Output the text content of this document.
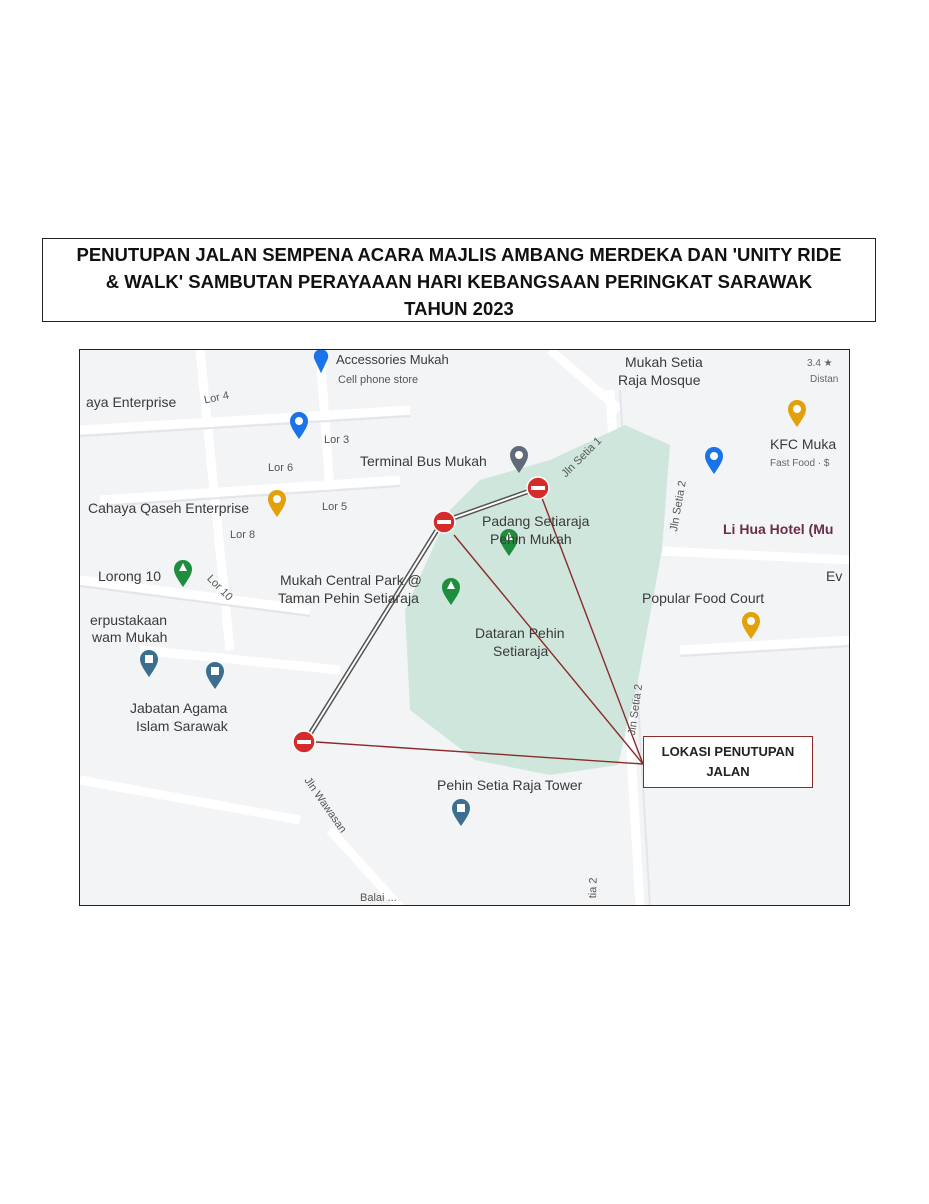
PENUTUPAN JALAN SEMPENA ACARA MAJLIS AMBANG MERDEKA DAN 'UNITY RIDE
& WALK' SAMBUTAN PERAYAAAN HARI KEBANGSAAN PERINGKAT SARAWAK
TAHUN 2023
Accessories Mukah
Cell phone store
Mukah Setia
Raja Mosque
3.4 ★
Distan
aya Enterprise
Terminal Bus Mukah
KFC Muka
Fast Food · $
Cahaya Qaseh Enterprise
Padang Setiaraja
Pehin Mukah
Li Hua Hotel (Mu
Ev
Lorong 10	Mukah Central Park @
Taman Pehin Setiaraja	Popular Food Court
erpustakaan
wam Mukah	Dataran Pehin
Setiaraja
Jabatan Agama
Islam Sarawak
Pehin Setia Raja Tower
Balai ...
Lor 4
Lor 3
Lor 6
Lor 5
Lor 8
Lor 10
Jln Setia 1
Jln Setia 2
Jln Setia 2
tia 2
Jln Wawasan
LOKASI PENUTUPAN
JALAN
